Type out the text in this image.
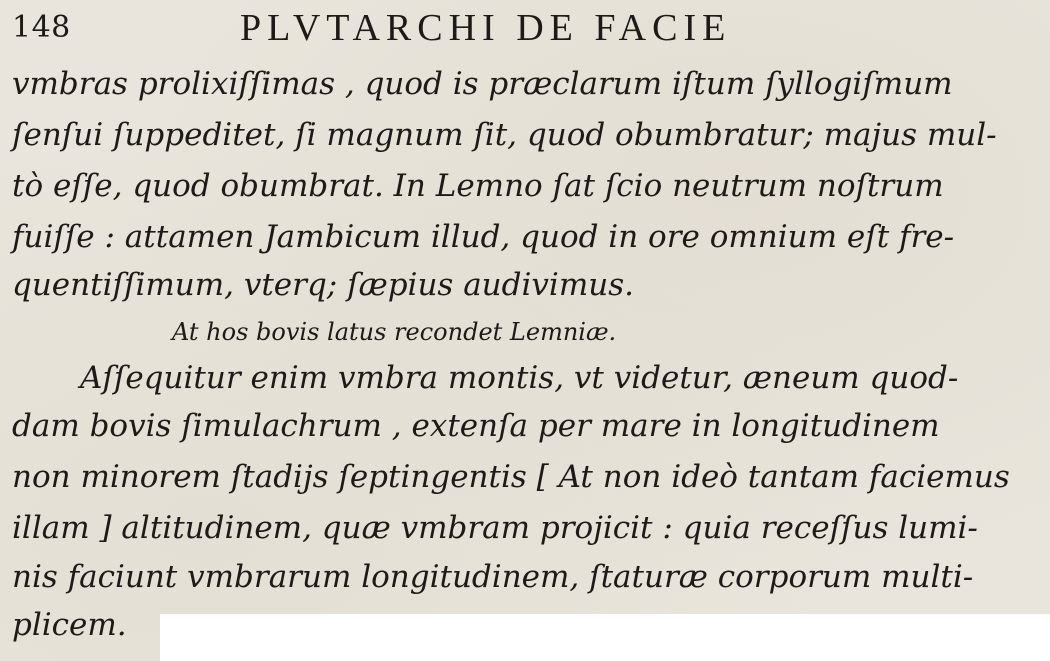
148	PLVTARCHI DE FACIE
vmbras prolixiſſimas , quod is præclarum iſtum ſyllogiſmum
ſenſui ſuppeditet, ſi magnum ſit, quod obumbratur; majus mul-
tò eſſe, quod obumbrat. In Lemno ſat ſcio neutrum noſtrum
fuiſſe : attamen Jambicum illud, quod in ore omnium eſt fre-
quentiſſimum, vterq; ſæpius audivimus.
At hos bovis latus recondet Lemniæ.
Aſſequitur enim vmbra montis, vt videtur, æneum quod-
dam bovis ſimulachrum , extenſa per mare in longitudinem
non minorem ſtadijs ſeptingentis [ At non ideò tantam faciemus
illam ] altitudinem, quæ vmbram projicit : quia receſſus lumi-
nis faciunt vmbrarum longitudinem, ſtaturæ corporum multi-
plicem.
